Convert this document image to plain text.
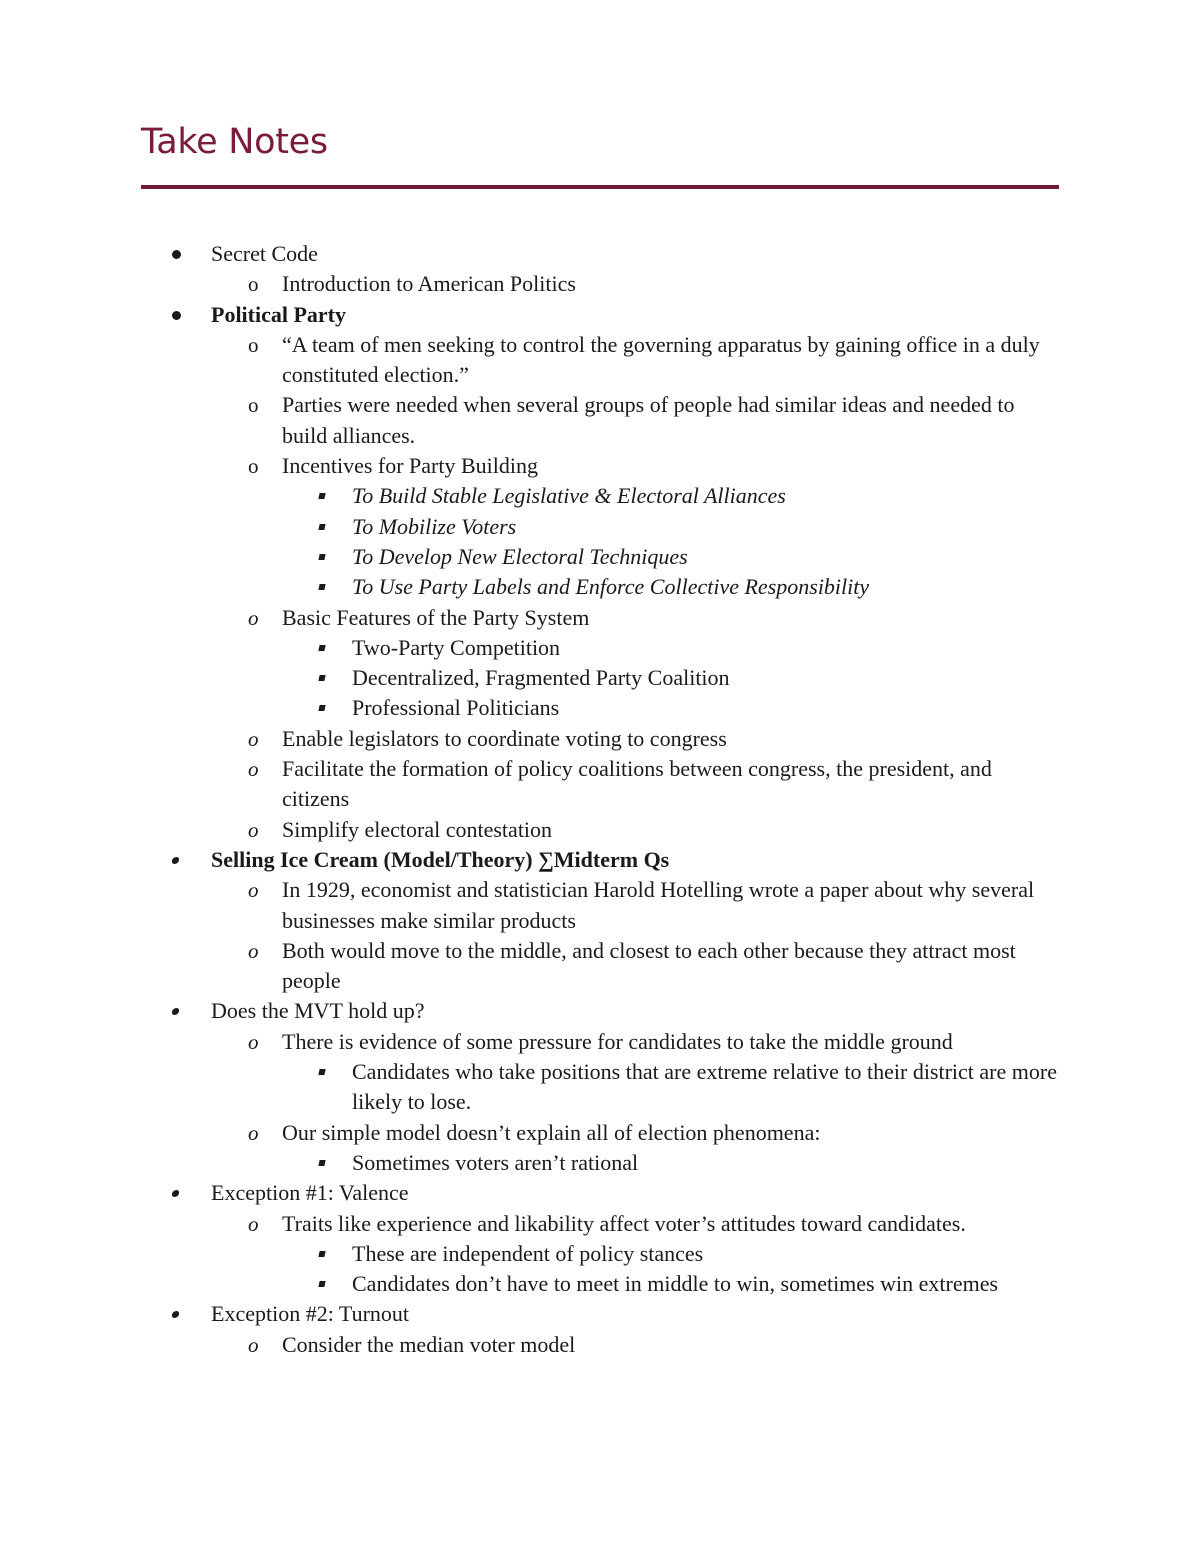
Take Notes
Secret Code
o Introduction to American Politics
Political Party
o “A team of men seeking to control the governing apparatus by gaining office in a duly constituted election.”
o Parties were needed when several groups of people had similar ideas and needed to build alliances.
o Incentives for Party Building
To Build Stable Legislative & Electoral Alliances
To Mobilize Voters
To Develop New Electoral Techniques
To Use Party Labels and Enforce Collective Responsibility
o Basic Features of the Party System
Two-Party Competition
Decentralized, Fragmented Party Coalition
Professional Politicians
o Enable legislators to coordinate voting to congress
o Facilitate the formation of policy coalitions between congress, the president, and citizens
o Simplify electoral contestation
Selling Ice Cream (Model/Theory) ∑Midterm Qs
o In 1929, economist and statistician Harold Hotelling wrote a paper about why several businesses make similar products
o Both would move to the middle, and closest to each other because they attract most people
Does the MVT hold up?
o There is evidence of some pressure for candidates to take the middle ground
Candidates who take positions that are extreme relative to their district are more likely to lose.
o Our simple model doesn’t explain all of election phenomena:
Sometimes voters aren’t rational
Exception #1: Valence
o Traits like experience and likability affect voter’s attitudes toward candidates.
These are independent of policy stances
Candidates don’t have to meet in middle to win, sometimes win extremes
Exception #2: Turnout
o Consider the median voter model
